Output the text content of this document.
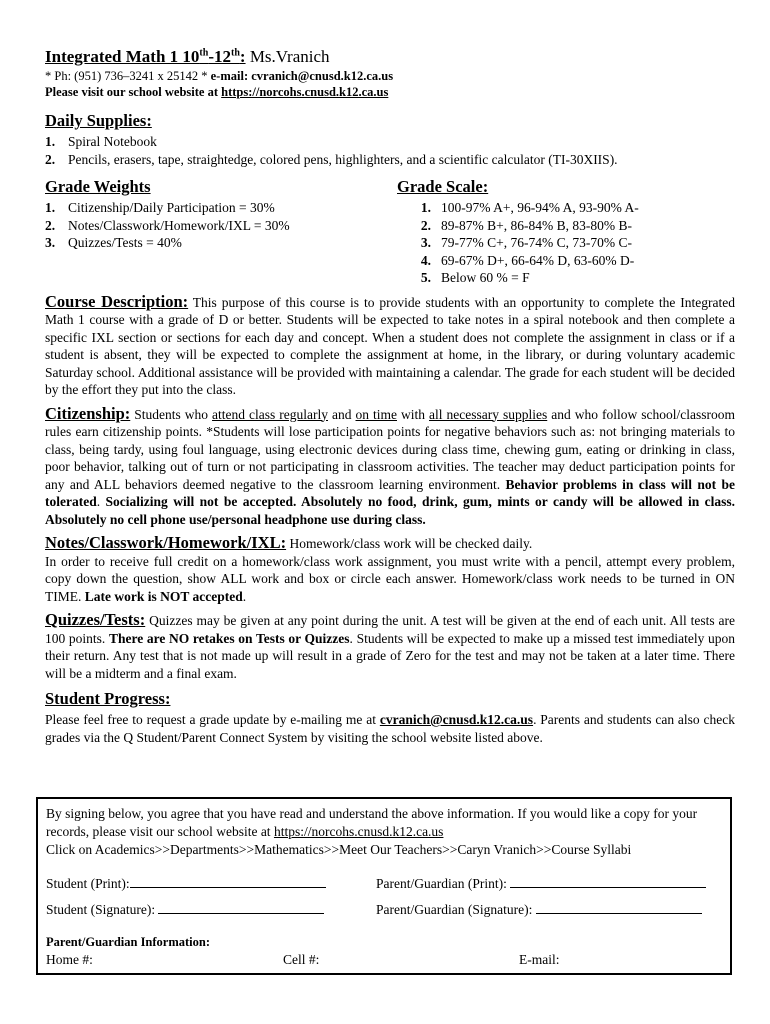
Integrated Math 1 10th-12th: Ms.Vranich
* Ph: (951) 736–3241 x 25142 * e-mail: cvranich@cnusd.k12.ca.us
Please visit our school website at https://norcohs.cnusd.k12.ca.us
Daily Supplies:
1. Spiral Notebook
2. Pencils, erasers, tape, straightedge, colored pens, highlighters, and a scientific calculator (TI-30XIIS).
Grade Weights
1. Citizenship/Daily Participation = 30%
2. Notes/Classwork/Homework/IXL = 30%
3. Quizzes/Tests = 40%
Grade Scale:
1. 100-97% A+, 96-94% A, 93-90% A-
2. 89-87% B+, 86-84% B, 83-80% B-
3. 79-77% C+, 76-74% C, 73-70% C-
4. 69-67% D+, 66-64% D, 63-60% D-
5. Below 60 % = F

Course Description: This purpose of this course is to provide students with an opportunity to complete the Integrated Math 1 course with a grade of D or better. Students will be expected to take notes in a spiral notebook and then complete a specific IXL section or sections for each day and concept. When a student does not complete the assignment in class or if a student is absent, they will be expected to complete the assignment at home, in the library, or during voluntary academic Saturday school. Additional assistance will be provided with maintaining a calendar. The grade for each student will be decided by the effort they put into the class.

Citizenship: Students who attend class regularly and on time with all necessary supplies and who follow school/classroom rules earn citizenship points. *Students will lose participation points for negative behaviors such as: not bringing materials to class, being tardy, using foul language, using electronic devices during class time, chewing gum, eating or drinking in class, poor behavior, talking out of turn or not participating in classroom activities. The teacher may deduct participation points for any and ALL behaviors deemed negative to the classroom learning environment. Behavior problems in class will not be tolerated. Socializing will not be accepted. Absolutely no food, drink, gum, mints or candy will be allowed in class. Absolutely no cell phone use/personal headphone use during class.

Notes/Classwork/Homework/IXL: Homework/class work will be checked daily.

In order to receive full credit on a homework/class work assignment, you must write with a pencil, attempt every problem, copy down the question, show ALL work and box or circle each answer. Homework/class work needs to be turned in ON TIME. Late work is NOT accepted.

Quizzes/Tests: Quizzes may be given at any point during the unit. A test will be given at the end of each unit. All tests are 100 points. There are NO retakes on Tests or Quizzes. Students will be expected to make up a missed test immediately upon their return. Any test that is not made up will result in a grade of Zero for the test and may not be taken at a later time. There will be a midterm and a final exam.

Student Progress:

Please feel free to request a grade update by e-mailing me at cvranich@cnusd.k12.ca.us. Parents and students can also check grades via the Q Student/Parent Connect System by visiting the school website listed above.

By signing below, you agree that you have read and understand the above information. If you would like a copy for your records, please visit our school website at https://norcohs.cnusd.k12.ca.us
Click on Academics>>Departments>>Mathematics>>Meet Our Teachers>>Caryn Vranich>>Course Syllabi
Student (Print):	Parent/Guardian (Print):
Student (Signature):	Parent/Guardian (Signature):
Parent/Guardian Information:
Home #:	Cell #:	E-mail:
